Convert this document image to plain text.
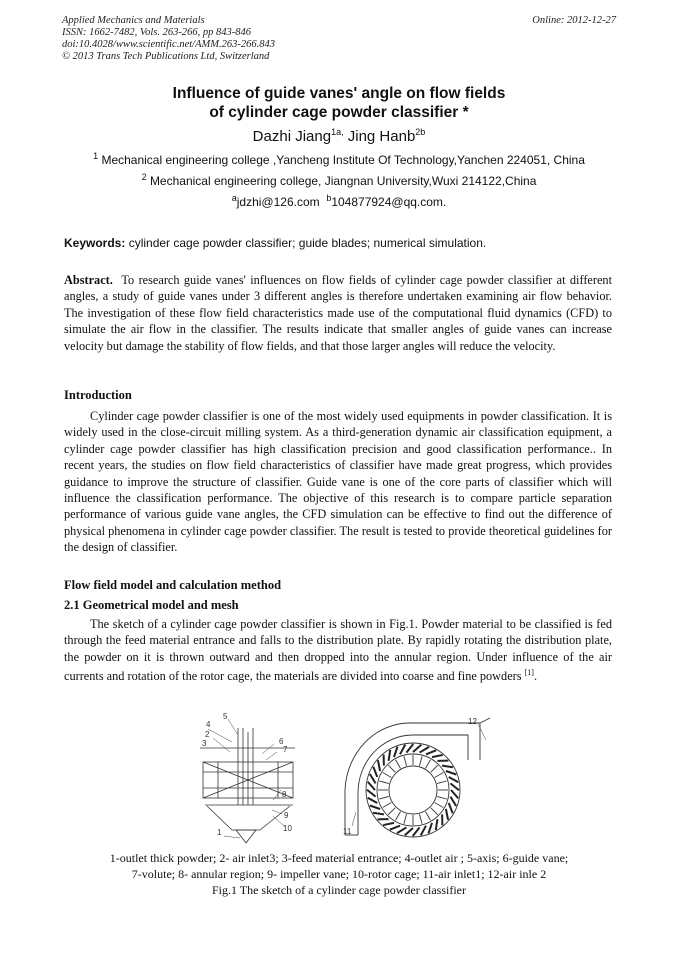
Applied Mechanics and Materials
ISSN: 1662-7482, Vols. 263-266, pp 843-846
doi:10.4028/www.scientific.net/AMM.263-266.843
© 2013 Trans Tech Publications Ltd, Switzerland
Online: 2012-12-27
Influence of guide vanes' angle on flow fields
of cylinder cage powder classifier *
Dazhi Jiang$^{1a,}$ Jing Hanb$^{2b}$
$^1$ Mechanical engineering college ,Yancheng Institute Of Technology,Yanchen 224051, China
$^2$ Mechanical engineering college, Jiangnan University,Wuxi 214122,China
$^a$jdzhi@126.com $^b$104877924@qq.com.
Keywords: cylinder cage powder classifier; guide blades; numerical simulation.
Abstract. To research guide vanes' influences on flow fields of cylinder cage powder classifier at different angles, a study of guide vanes under 3 different angles is therefore undertaken examining air flow behavior. The investigation of these flow field characteristics made use of the computational fluid dynamics (CFD) to simulate the air flow in the classifier. The results indicate that smaller angles of guide vanes can increase velocity but damage the stability of flow fields, and that those larger angles will reduce the velocity.
Introduction
Cylinder cage powder classifier is one of the most widely used equipments in powder classification. It is widely used in the close-circuit milling system. As a third-generation dynamic air classification equipment, a cylinder cage powder classifier has high classification precision and good classification performance.. In recent years, the studies on flow field characteristics of classifier have made great progress, which provides guidance to improve the structure of classifier. Guide vane is one of the core parts of classifier which will influence the classification performance. The objective of this research is to compare particle separation performance of various guide vane angles, the CFD simulation can be effective to find out the difference of physical phenomena in cylinder cage powder classifier. The result is tested to provide theoretical guidelines for the design of classifier.
Flow field model and calculation method
2.1 Geometrical model and mesh
The sketch of a cylinder cage powder classifier is shown in Fig.1. Powder material to be classified is fed through the feed material entrance and falls to the distribution plate. By rapidly rotating the distribution plate, the powder on it is thrown outward and then dropped into the annular region. Under influence of the air currents and rotation of the rotor cage, the materials are divided into coarse and fine powders [1].
1
2
3
4
5
6
7
8
9
10	11
12
1-outlet thick powder; 2- air inlet3; 3-feed material entrance; 4-outlet air ; 5-axis; 6-guide vane;
7-volute; 8- annular region; 9- impeller vane; 10-rotor cage; 11-air inlet1; 12-air inle 2
Fig.1 The sketch of a cylinder cage powder classifier
